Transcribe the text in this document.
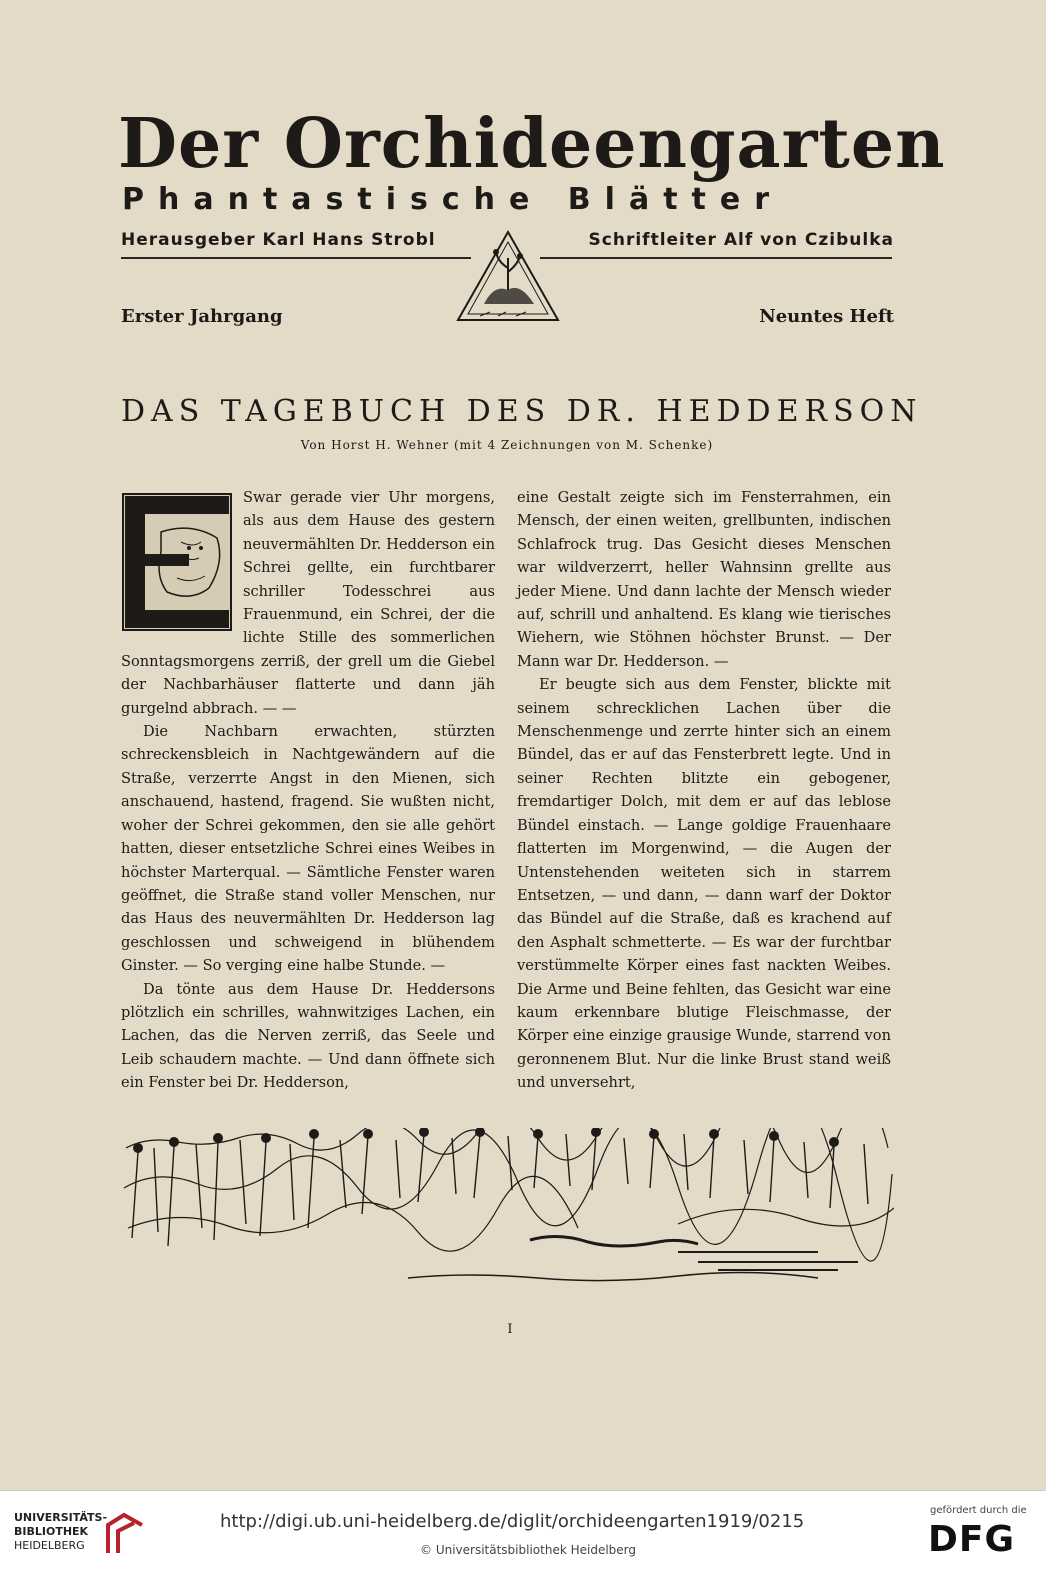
Der Orchideengarten
Phantastische Blätter
Herausgeber Karl Hans Strobl	Schriftleiter Alf von Czibulka
Erster Jahrgang	Neuntes Heft
DAS TAGEBUCH DES DR. HEDDERSON
Von Horst H. Wehner (mit 4 Zeichnungen von M. Schenke)

Swar gerade vier Uhr morgens, als aus dem Hause des gestern neuvermählten Dr. Hedderson ein Schrei gellte, ein furchtbarer schriller Todesschrei aus Frauenmund, ein Schrei, der die lichte Stille des sommerlichen Sonntagsmorgens zerriß, der grell um die Giebel der Nachbarhäuser flatterte und dann jäh gurgelnd abbrach. — —

Die Nachbarn erwachten, stürzten schreckensbleich in Nachtgewändern auf die Straße, verzerrte Angst in den Mienen, sich anschauend, hastend, fragend. Sie wußten nicht, woher der Schrei gekommen, den sie alle gehört hatten, dieser entsetzliche Schrei eines Weibes in höchster Marterqual. — Sämtliche Fenster waren geöffnet, die Straße stand voller Menschen, nur das Haus des neuvermählten Dr. Hedderson lag geschlossen und schweigend in blühendem Ginster. — So verging eine halbe Stunde. —

Da tönte aus dem Hause Dr. Heddersons plötzlich ein schrilles, wahnwitziges Lachen, ein Lachen, das die Nerven zerriß, das Seele und Leib schaudern machte. — Und dann öffnete sich ein Fenster bei Dr. Hedderson,

eine Gestalt zeigte sich im Fensterrahmen, ein Mensch, der einen weiten, grellbunten, indischen Schlafrock trug. Das Gesicht dieses Menschen war wildverzerrt, heller Wahnsinn grellte aus jeder Miene. Und dann lachte der Mensch wieder auf, schrill und anhaltend. Es klang wie tierisches Wiehern, wie Stöhnen höchster Brunst. — Der Mann war Dr. Hedderson. —

Er beugte sich aus dem Fenster, blickte mit seinem schrecklichen Lachen über die Menschenmenge und zerrte hinter sich an einem Bündel, das er auf das Fensterbrett legte. Und in seiner Rechten blitzte ein gebogener, fremdartiger Dolch, mit dem er auf das leblose Bündel einstach. — Lange goldige Frauenhaare flatterten im Morgenwind, — die Augen der Untenstehenden weiteten sich in starrem Entsetzen, — und dann, — dann warf der Doktor das Bündel auf die Straße, daß es krachend auf den Asphalt schmetterte. — Es war der furchtbar verstümmelte Körper eines fast nackten Weibes. Die Arme und Beine fehlten, das Gesicht war eine kaum erkennbare blutige Fleischmasse, der Körper eine einzige grausige Wunde, starrend von geronnenem Blut. Nur die linke Brust stand weiß und unversehrt,

I
UNIVERSITÄTS-
BIBLIOTHEK
HEIDELBERG
http://digi.ub.uni-heidelberg.de/diglit/orchideengarten1919/0215
© Universitätsbibliothek Heidelberg
gefördert durch die
DFG
